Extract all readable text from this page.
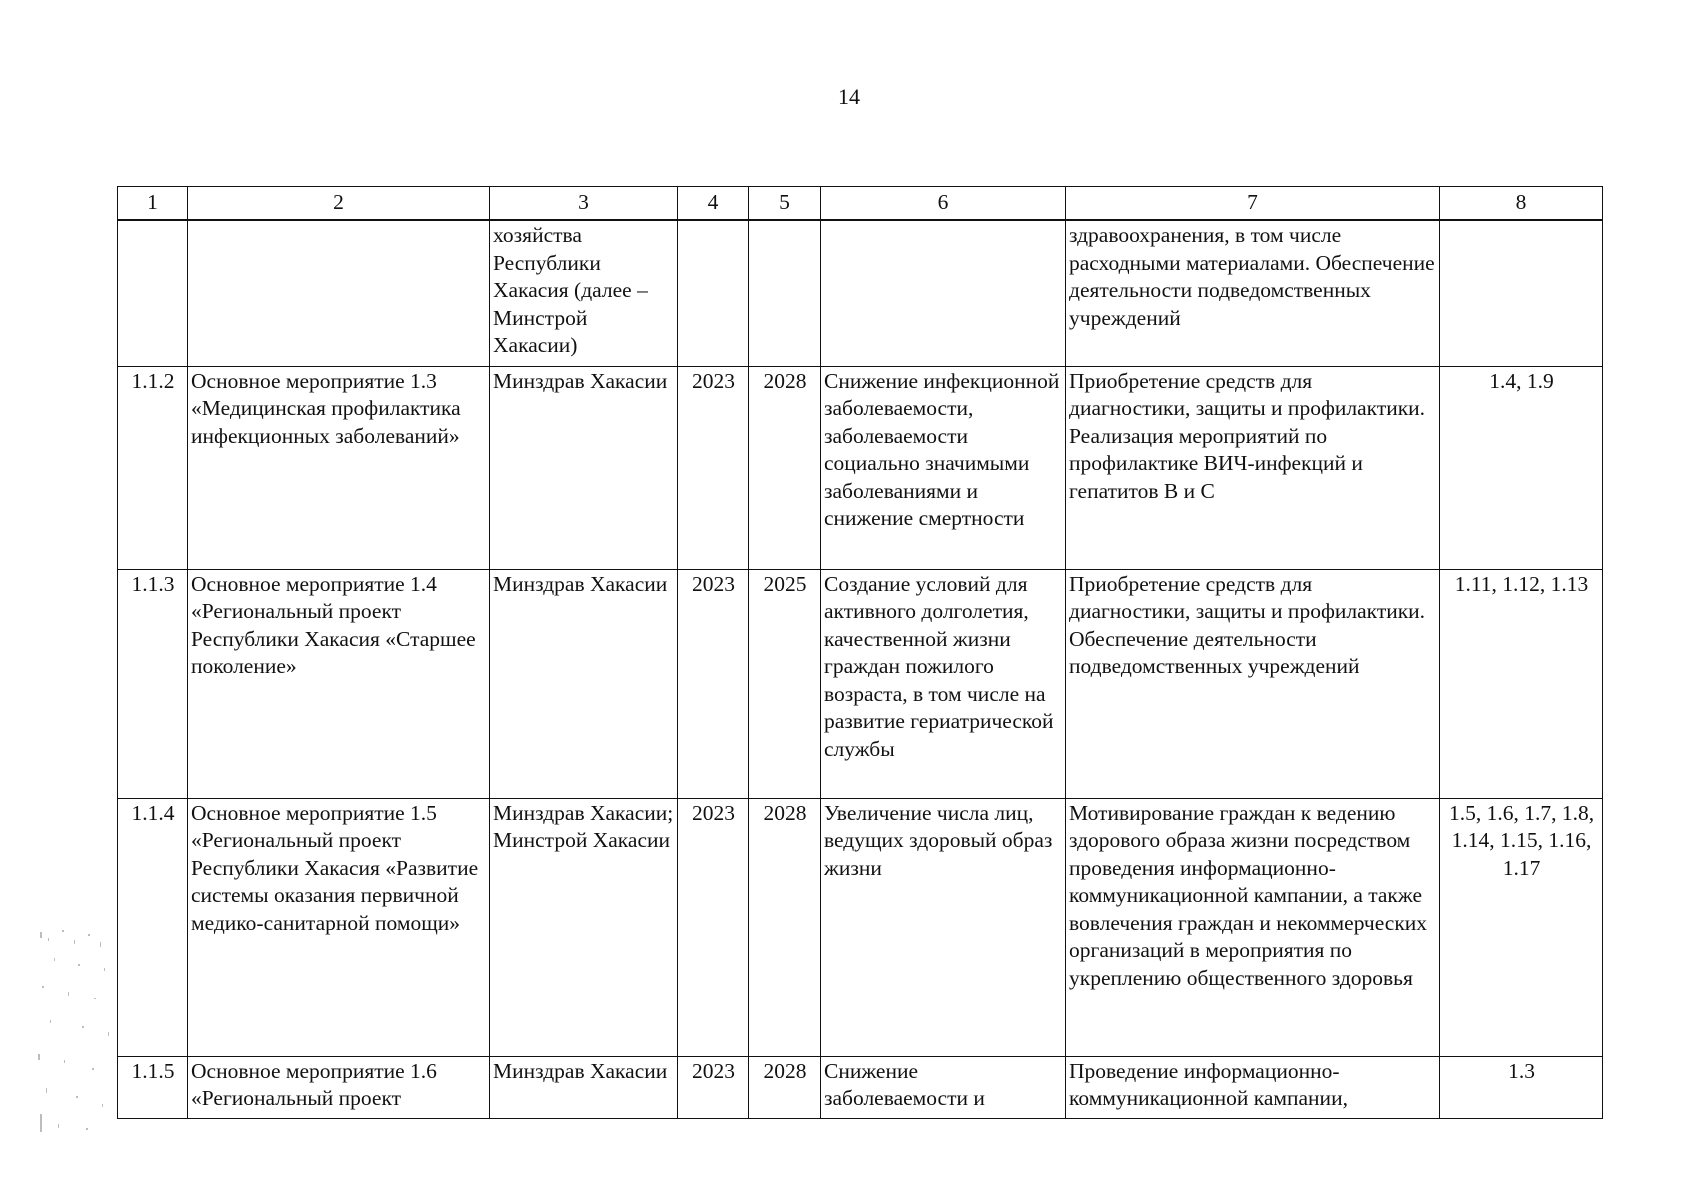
14
1	2	3	4	5	6	7	8
		хозяйства Республики Хакасия (далее – Минстрой Хакасии)				здравоохранения, в том числе расходными материалами. Обеспечение деятельности подведомственных учреждений	
1.1.2	Основное мероприятие 1.3 «Медицинская профилактика инфекционных заболеваний»	Минздрав Хакасии	2023	2028	Снижение инфекционной заболеваемости, заболеваемости социально значимыми заболеваниями и снижение смертности	Приобретение средств для диагностики, защиты и профилактики. Реализация мероприятий по профилактике ВИЧ-инфекций и гепатитов В и С	1.4, 1.9
1.1.3	Основное мероприятие 1.4 «Региональный проект Республики Хакасия «Старшее поколение»	Минздрав Хакасии	2023	2025	Создание условий для активного долголетия, качественной жизни граждан пожилого возраста, в том числе на развитие гериатрической службы	Приобретение средств для диагностики, защиты и профилактики. Обеспечение деятельности подведомственных учреждений	1.11, 1.12, 1.13
1.1.4	Основное мероприятие 1.5 «Региональный проект Республики Хакасия «Развитие системы оказания первичной медико-санитарной помощи»	Минздрав Хакасии; Минстрой Хакасии	2023	2028	Увеличение числа лиц, ведущих здоровый образ жизни	Мотивирование граждан к ведению здорового образа жизни посредством проведения информационно-коммуникационной кампании, а также вовлечения граждан и некоммерческих организаций в мероприятия по укреплению общественного здоровья	1.5, 1.6, 1.7, 1.8, 1.14, 1.15, 1.16, 1.17
1.1.5	Основное мероприятие 1.6 «Региональный проект	Минздрав Хакасии	2023	2028	Снижение заболеваемости и	Проведение информационно-коммуникационной кампании,	1.3
